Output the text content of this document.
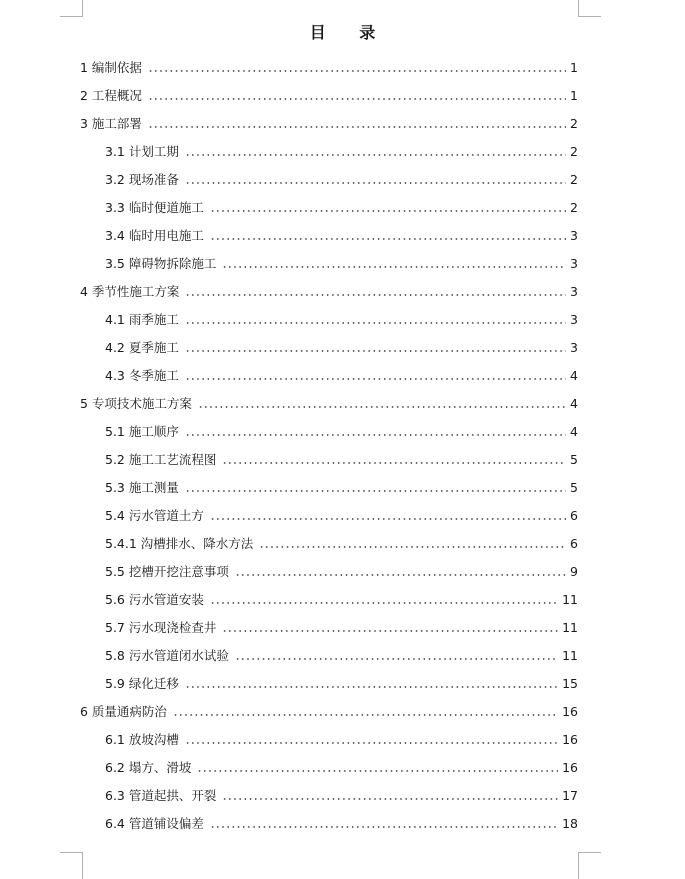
目 录
1 编制依据	1
2 工程概况	1
3 施工部署	2
3.1 计划工期	2
3.2 现场准备	2
3.3 临时便道施工	2
3.4 临时用电施工	3
3.5 障碍物拆除施工	3
4 季节性施工方案	3
4.1 雨季施工	3
4.2 夏季施工	3
4.3 冬季施工	4
5 专项技术施工方案	4
5.1 施工顺序	4
5.2 施工工艺流程图	5
5.3 施工测量	5
5.4 污水管道土方	6
5.4.1 沟槽排水、降水方法	6
5.5 挖槽开挖注意事项	9
5.6 污水管道安装	11
5.7 污水现浇检查井	11
5.8 污水管道闭水试验	11
5.9 绿化迁移	15
6 质量通病防治	16
6.1 放坡沟槽	16
6.2 塌方、滑坡	16
6.3 管道起拱、开裂	17
6.4 管道铺设偏差	18
